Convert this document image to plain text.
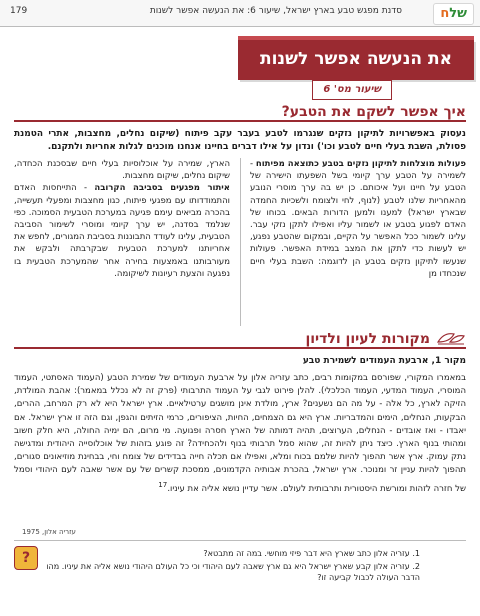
179	סדנת מפגש טבע בארץ ישראל, שיעור 6: את הנעשה אפשר לשנות	שלח
את הנעשה אפשר לשנות
שיעור מס' 6
איך אפשר לשקם את הטבע?
נעסוק באפשרויות לתיקון נזקים שנגרמו לטבע בעבר עקב פיתוח (שיקום נחלים, מחצבות, אתרי הטמנת פסולת, השבת בעלי חיים לטבע וכו') ונדון על אילו דברים בחיינו אנחנו מוכנים לגלות אחריות ולתקנם.
פעולות מוצלחות לתיקון נזקים בטבע כתוצאה מפיתוח - לשמירה על הטבע ערך קיומי בשל השפעתו הישירה של הטבע על חיינו ועל איכותם. כן יש בה ערך מוסרי הנובע מהאחריות שלנו לטבע (לנוף, לחי ולצומח ולשכיות החמדה שבארץ ישראל) למענו ולמען הדורות הבאים. בכוחו של האדם לפגוע בטבע או לשמור עליו ואפילו לתקן נזקי עבר. עלינו לשמור ככל האפשר על הקיים, ובמקום שהטבע נפגע, יש לעשות כדי לתקן את המצב במידת האפשר. פעולות שנעשו לתיקון נזקים בטבע הן לדוגמה: השבת בעלי חיים שנכחדו מן
הארץ, שמירה על אוכלוסיות בעלי חיים שבסכנת הכחדה, שיקום נחלים, שיקום מחצבות.
איתור מפגעים בסביבה הקרובה - התייחסות האדם והתמודדותו עם מפגעי פיתוח, כגון מחצבות ומפעלי תעשייה, בהכרה מביאים עימם פגיעה במערכת הטבעית הסמוכה. כפי שנלמד בסדנה, יש ערך קיומי ומוסרי לשימור הסביבה הטבעית, עלינו לעודד התבוננות בסביבת המגורים, לחפש את אחריותנו למערכת הטבעית שבקרבתה ולבקש את מעורבותנו באמצעות בחירה אחר שהמערכת הטבעית בו נפגעה והצעת רעיונות לשיקומה.
מקורות לעיון ולדיון
מקור 1, ארבעת העמודים לשמירת טבע
במאמרו המקורי, שפורסם במקומות רבים, כתב עזריה אלון על ארבעת העמודים של שמירת הטבע (העמוד האסתטי, העמוד המוסרי, העמוד המדעי, העמוד הכלכלי). להלן פירוט לגבי על העמוד התרבותי (פרק זה לא נכלל במאמר): אהבת המולדת, הזיקה לארץ, כל אלה - על מה הם נשענים? ארץ, מולדת אינן מושגים ערטילאיים. ארץ ישראל היא לא רק המרחב, ההרים, הבקעות, הנחלים, הימים והמדבריות. ארץ היא גם הצמחים, החיות, הציפורים, כרמי הזיתים והגפן, וגם הזה זו ארץ ישראל. אם יאבדו - ואז אובדים - הנחלים, הערוצים, תהיה דמותה של הארץ חסרה ופגועה. מי מרום, הם ימיה החולה, היא חלק חשוב ומהותי בנוף הארץ. כיצד ניתן להיות זה, שהוא סמל תרבותי בנוף ולהכחידה? זה פוגע בזהות של אוכלוסייה היהודית ומדגישה נתק עמוק. ארץ אשר תהפוך להיות שלמם בכוח ומלא, ואפילו אם תכלה חייה בבדידים של צומח וחי, בבחינת מוזיאונים סגורים, תהפוך להיות עניין זר ומנוכר. ארץ ישראל, בהכרת אבותיה הקדמונים, ממסכת קשרים של עם אשר שאבה לעם היהודי וסמל של חזרה לזהות ומורשת היסטורית ותרבותית לעולם. אשר עדיין נושא אליה את עיניו.$^{17}$
עזריה אלון, 1975
?	1. עזריה אלון כתב שארץ היא דבר פיזי מוחשי. במה זה מתבטא?
2. עזריה אלון קבע שארץ ישראל היא גם ארץ שאבה לעם היהודי וכי כל העולם היהודי נושא אליה את עיניו. מהו הדבר העולה לכבול קביעה זו?
